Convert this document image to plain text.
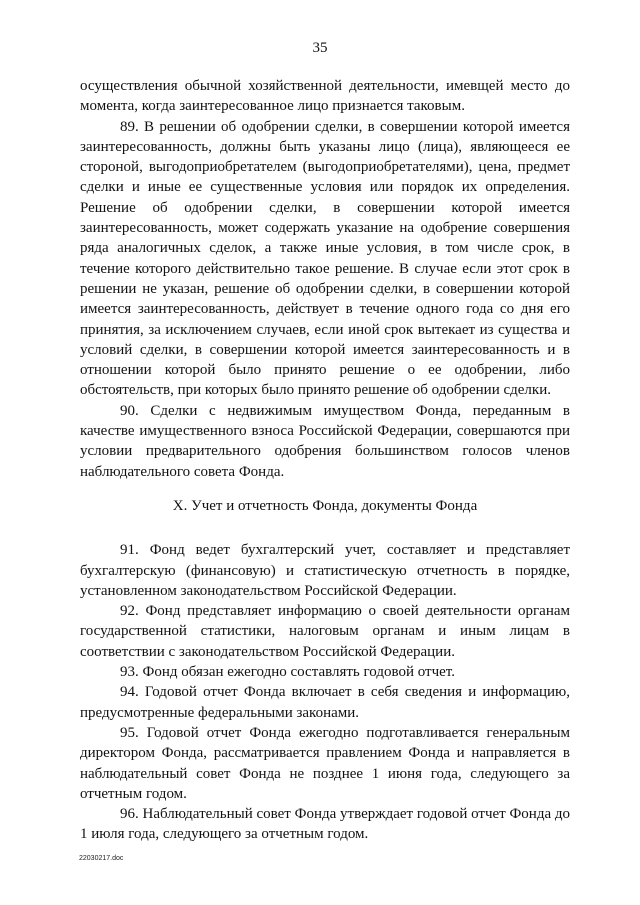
35

осуществления обычной хозяйственной деятельности, имевщей место до момента, когда заинтересованное лицо признается таковым.

89. В решении об одобрении сделки, в совершении которой имеется заинтересованность, должны быть указаны лицо (лица), являющееся ее стороной, выгодоприобретателем (выгодоприобретателями), цена, предмет сделки и иные ее существенные условия или порядок их определения. Решение об одобрении сделки, в совершении которой имеется заинтересованность, может содержать указание на одобрение совершения ряда аналогичных сделок, а также иные условия, в том числе срок, в течение которого действительно такое решение. В случае если этот срок в решении не указан, решение об одобрении сделки, в совершении которой имеется заинтересованность, действует в течение одного года со дня его принятия, за исключением случаев, если иной срок вытекает из существа и условий сделки, в совершении которой имеется заинтересованность и в отношении которой было принято решение о ее одобрении, либо обстоятельств, при которых было принято решение об одобрении сделки.

90. Сделки с недвижимым имуществом Фонда, переданным в качестве имущественного взноса Российской Федерации, совершаются при условии предварительного одобрения большинством голосов членов наблюдательного совета Фонда.

X. Учет и отчетность Фонда, документы Фонда

91. Фонд ведет бухгалтерский учет, составляет и представляет бухгалтерскую (финансовую) и статистическую отчетность в порядке, установленном законодательством Российской Федерации.

92. Фонд представляет информацию о своей деятельности органам государственной статистики, налоговым органам и иным лицам в соответствии с законодательством Российской Федерации.

93. Фонд обязан ежегодно составлять годовой отчет.

94. Годовой отчет Фонда включает в себя сведения и информацию, предусмотренные федеральными законами.

95. Годовой отчет Фонда ежегодно подготавливается генеральным директором Фонда, рассматривается правлением Фонда и направляется в наблюдательный совет Фонда не позднее 1 июня года, следующего за отчетным годом.

96. Наблюдательный совет Фонда утверждает годовой отчет Фонда до 1 июля года, следующего за отчетным годом.

22030217.doc
